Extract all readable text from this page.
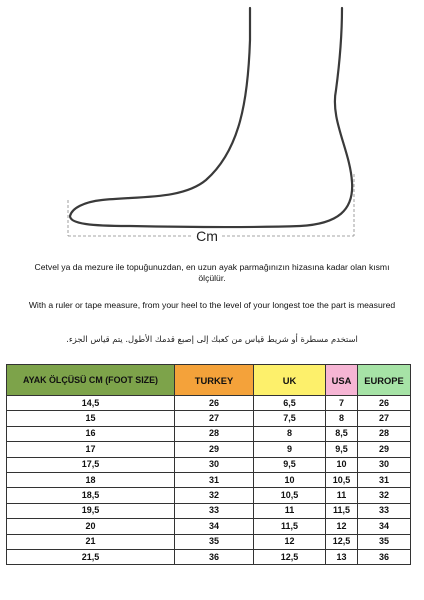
Cm
Cetvel ya da mezure ile topuğunuzdan, en uzun ayak parmağınızın hizasına kadar olan kısmı ölçülür.
With a ruler or tape measure, from your heel to the level of your longest toe the part is measured
استخدم مسطرة أو شريط قياس من كعبك إلى إصبع قدمك الأطول. يتم قياس الجزء.
AYAK ÖLÇÜSÜ CM (FOOT SIZE)	TURKEY	UK	USA	EUROPE
14,5	26	6,5	7	26
15	27	7,5	8	27
16	28	8	8,5	28
17	29	9	9,5	29
17,5	30	9,5	10	30
18	31	10	10,5	31
18,5	32	10,5	11	32
19,5	33	11	11,5	33
20	34	11,5	12	34
21	35	12	12,5	35
21,5	36	12,5	13	36
